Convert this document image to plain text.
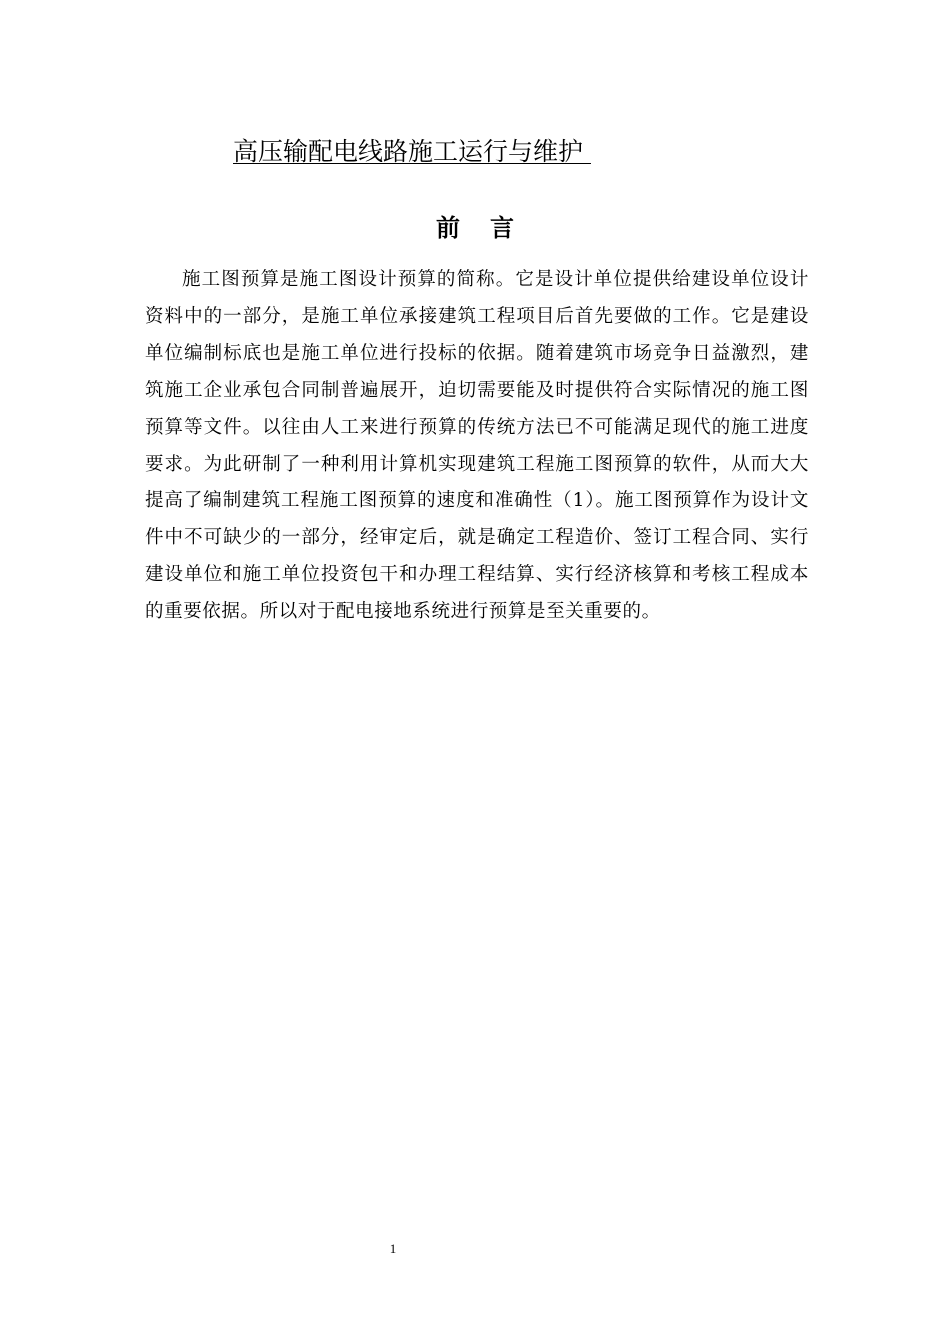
高压输配电线路施工运行与维护
前言

施工图预算是施工图设计预算的简称。它是设计单位提供给建设单位设计资料中的一部分，是施工单位承接建筑工程项目后首先要做的工作。它是建设单位编制标底也是施工单位进行投标的依据。随着建筑市场竞争日益激烈，建筑施工企业承包合同制普遍展开，迫切需要能及时提供符合实际情况的施工图预算等文件。以往由人工来进行预算的传统方法已不可能满足现代的施工进度要求。为此研制了一种利用计算机实现建筑工程施工图预算的软件，从而大大提高了编制建筑工程施工图预算的速度和准确性（1）。施工图预算作为设计文件中不可缺少的一部分，经审定后，就是确定工程造价、签订工程合同、实行建设单位和施工单位投资包干和办理工程结算、实行经济核算和考核工程成本的重要依据。所以对于配电接地系统进行预算是至关重要的。

1
